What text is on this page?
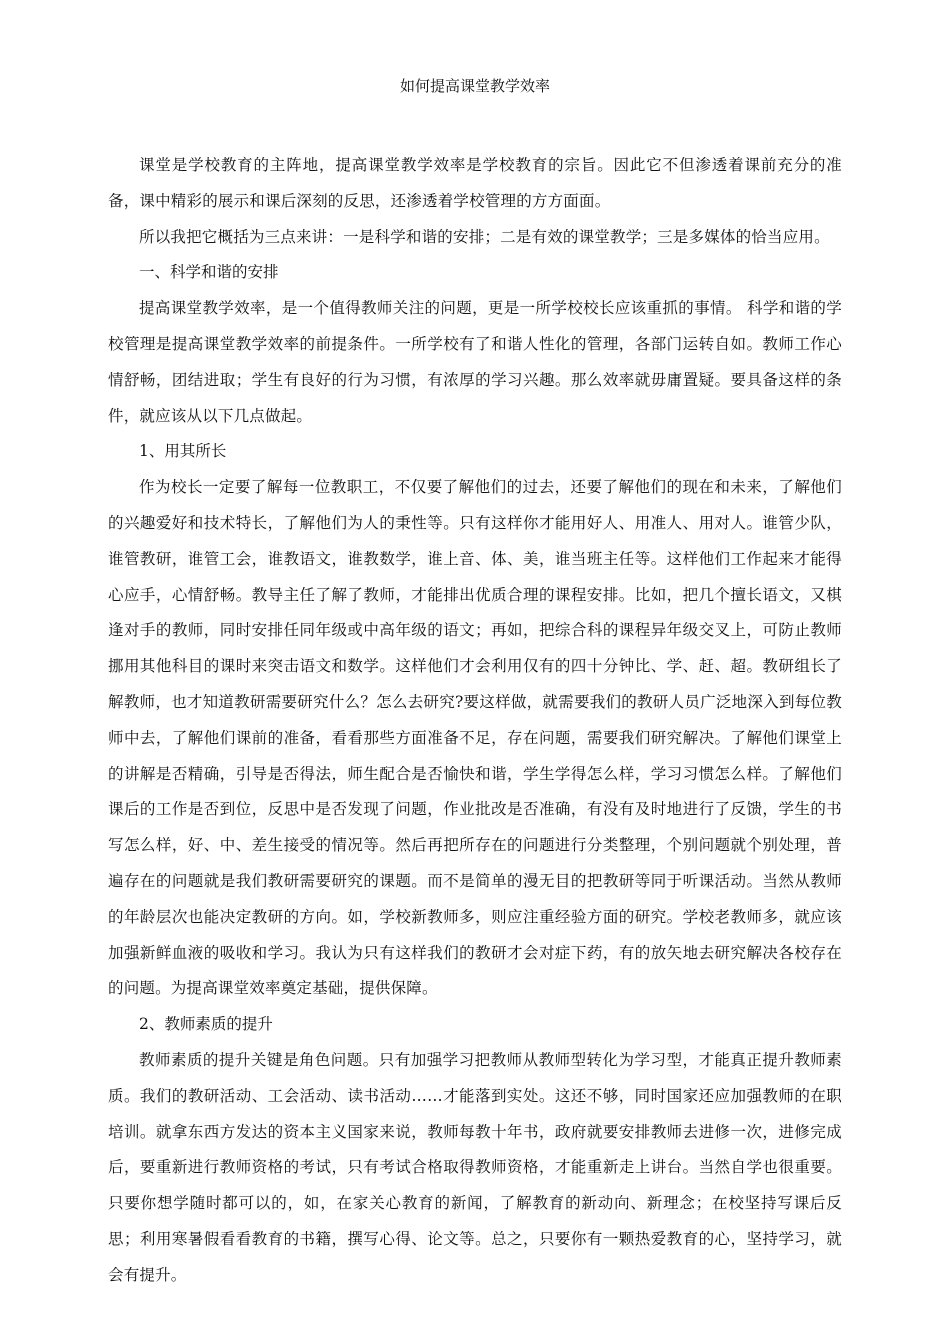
如何提高课堂教学效率

课堂是学校教育的主阵地，提高课堂教学效率是学校教育的宗旨。因此它不但渗透着课前充分的准备，课中精彩的展示和课后深刻的反思，还渗透着学校管理的方方面面。

所以我把它概括为三点来讲：一是科学和谐的安排；二是有效的课堂教学；三是多媒体的恰当应用。

一、科学和谐的安排

提高课堂教学效率，是一个值得教师关注的问题，更是一所学校校长应该重抓的事情。 科学和谐的学校管理是提高课堂教学效率的前提条件。一所学校有了和谐人性化的管理，各部门运转自如。教师工作心情舒畅，团结进取；学生有良好的行为习惯，有浓厚的学习兴趣。那么效率就毋庸置疑。要具备这样的条件，就应该从以下几点做起。

1、用其所长

作为校长一定要了解每一位教职工，不仅要了解他们的过去，还要了解他们的现在和未来，了解他们的兴趣爱好和技术特长，了解他们为人的秉性等。只有这样你才能用好人、用准人、用对人。谁管少队，谁管教研，谁管工会，谁教语文，谁教数学，谁上音、体、美，谁当班主任等。这样他们工作起来才能得心应手，心情舒畅。教导主任了解了教师，才能排出优质合理的课程安排。比如，把几个擅长语文，又棋逢对手的教师，同时安排任同年级或中高年级的语文；再如，把综合科的课程异年级交叉上，可防止教师挪用其他科目的课时来突击语文和数学。这样他们才会利用仅有的四十分钟比、学、赶、超。教研组长了解教师，也才知道教研需要研究什么？怎么去研究?要这样做，就需要我们的教研人员广泛地深入到每位教师中去，了解他们课前的准备，看看那些方面准备不足，存在问题，需要我们研究解决。了解他们课堂上的讲解是否精确，引导是否得法，师生配合是否愉快和谐，学生学得怎么样，学习习惯怎么样。了解他们课后的工作是否到位，反思中是否发现了问题，作业批改是否准确，有没有及时地进行了反馈，学生的书写怎么样，好、中、差生接受的情况等。然后再把所存在的问题进行分类整理，个别问题就个别处理，普遍存在的问题就是我们教研需要研究的课题。而不是简单的漫无目的把教研等同于听课活动。当然从教师的年龄层次也能决定教研的方向。如，学校新教师多，则应注重经验方面的研究。学校老教师多，就应该加强新鲜血液的吸收和学习。我认为只有这样我们的教研才会对症下药，有的放矢地去研究解决各校存在的问题。为提高课堂效率奠定基础，提供保障。

2、教师素质的提升

教师素质的提升关键是角色问题。只有加强学习把教师从教师型转化为学习型，才能真正提升教师素质。我们的教研活动、工会活动、读书活动……才能落到实处。这还不够，同时国家还应加强教师的在职培训。就拿东西方发达的资本主义国家来说，教师每教十年书，政府就要安排教师去进修一次，进修完成后，要重新进行教师资格的考试，只有考试合格取得教师资格，才能重新走上讲台。当然自学也很重要。只要你想学随时都可以的，如，在家关心教育的新闻，了解教育的新动向、新理念；在校坚持写课后反思；利用寒暑假看看教育的书籍，撰写心得、论文等。总之，只要你有一颗热爱教育的心，坚持学习，就会有提升。
